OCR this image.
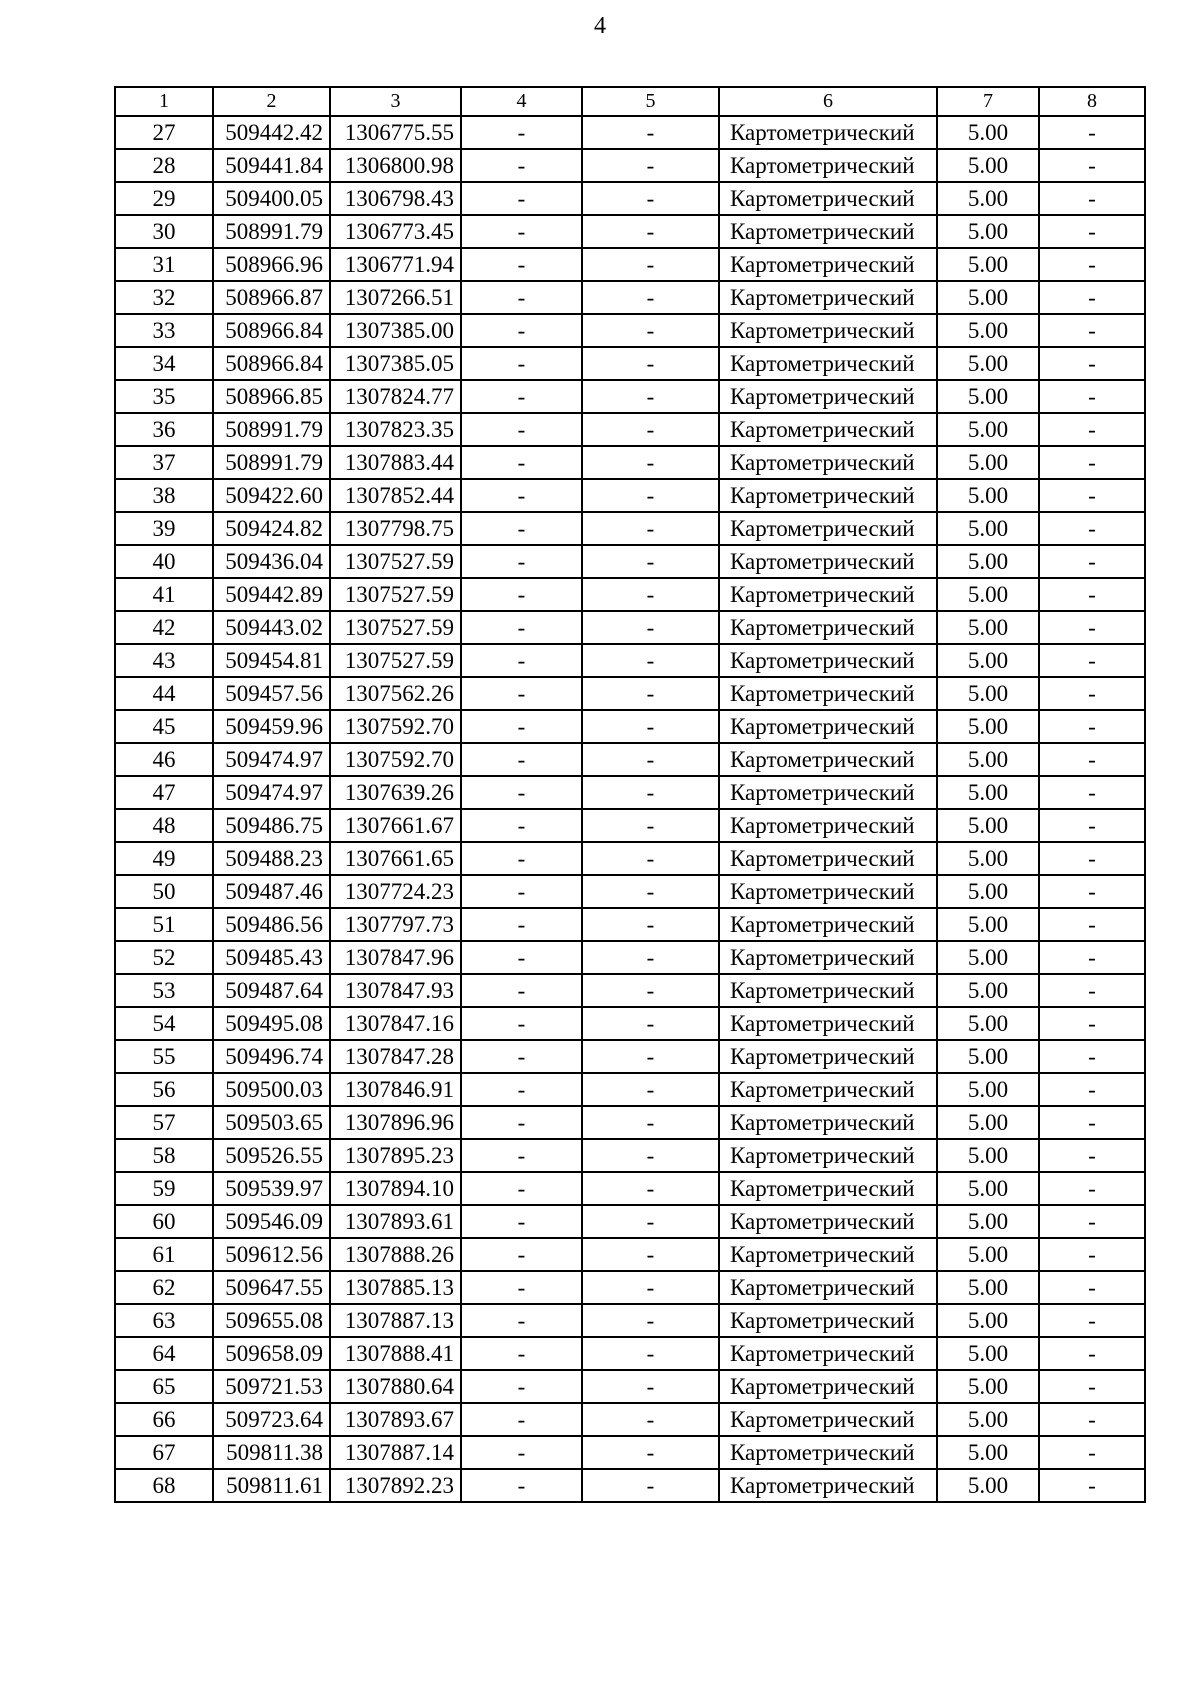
4
1	2	3	4	5	6	7	8
27	509442.42	1306775.55	-	-	Картометрический	5.00	-
28	509441.84	1306800.98	-	-	Картометрический	5.00	-
29	509400.05	1306798.43	-	-	Картометрический	5.00	-
30	508991.79	1306773.45	-	-	Картометрический	5.00	-
31	508966.96	1306771.94	-	-	Картометрический	5.00	-
32	508966.87	1307266.51	-	-	Картометрический	5.00	-
33	508966.84	1307385.00	-	-	Картометрический	5.00	-
34	508966.84	1307385.05	-	-	Картометрический	5.00	-
35	508966.85	1307824.77	-	-	Картометрический	5.00	-
36	508991.79	1307823.35	-	-	Картометрический	5.00	-
37	508991.79	1307883.44	-	-	Картометрический	5.00	-
38	509422.60	1307852.44	-	-	Картометрический	5.00	-
39	509424.82	1307798.75	-	-	Картометрический	5.00	-
40	509436.04	1307527.59	-	-	Картометрический	5.00	-
41	509442.89	1307527.59	-	-	Картометрический	5.00	-
42	509443.02	1307527.59	-	-	Картометрический	5.00	-
43	509454.81	1307527.59	-	-	Картометрический	5.00	-
44	509457.56	1307562.26	-	-	Картометрический	5.00	-
45	509459.96	1307592.70	-	-	Картометрический	5.00	-
46	509474.97	1307592.70	-	-	Картометрический	5.00	-
47	509474.97	1307639.26	-	-	Картометрический	5.00	-
48	509486.75	1307661.67	-	-	Картометрический	5.00	-
49	509488.23	1307661.65	-	-	Картометрический	5.00	-
50	509487.46	1307724.23	-	-	Картометрический	5.00	-
51	509486.56	1307797.73	-	-	Картометрический	5.00	-
52	509485.43	1307847.96	-	-	Картометрический	5.00	-
53	509487.64	1307847.93	-	-	Картометрический	5.00	-
54	509495.08	1307847.16	-	-	Картометрический	5.00	-
55	509496.74	1307847.28	-	-	Картометрический	5.00	-
56	509500.03	1307846.91	-	-	Картометрический	5.00	-
57	509503.65	1307896.96	-	-	Картометрический	5.00	-
58	509526.55	1307895.23	-	-	Картометрический	5.00	-
59	509539.97	1307894.10	-	-	Картометрический	5.00	-
60	509546.09	1307893.61	-	-	Картометрический	5.00	-
61	509612.56	1307888.26	-	-	Картометрический	5.00	-
62	509647.55	1307885.13	-	-	Картометрический	5.00	-
63	509655.08	1307887.13	-	-	Картометрический	5.00	-
64	509658.09	1307888.41	-	-	Картометрический	5.00	-
65	509721.53	1307880.64	-	-	Картометрический	5.00	-
66	509723.64	1307893.67	-	-	Картометрический	5.00	-
67	509811.38	1307887.14	-	-	Картометрический	5.00	-
68	509811.61	1307892.23	-	-	Картометрический	5.00	-
